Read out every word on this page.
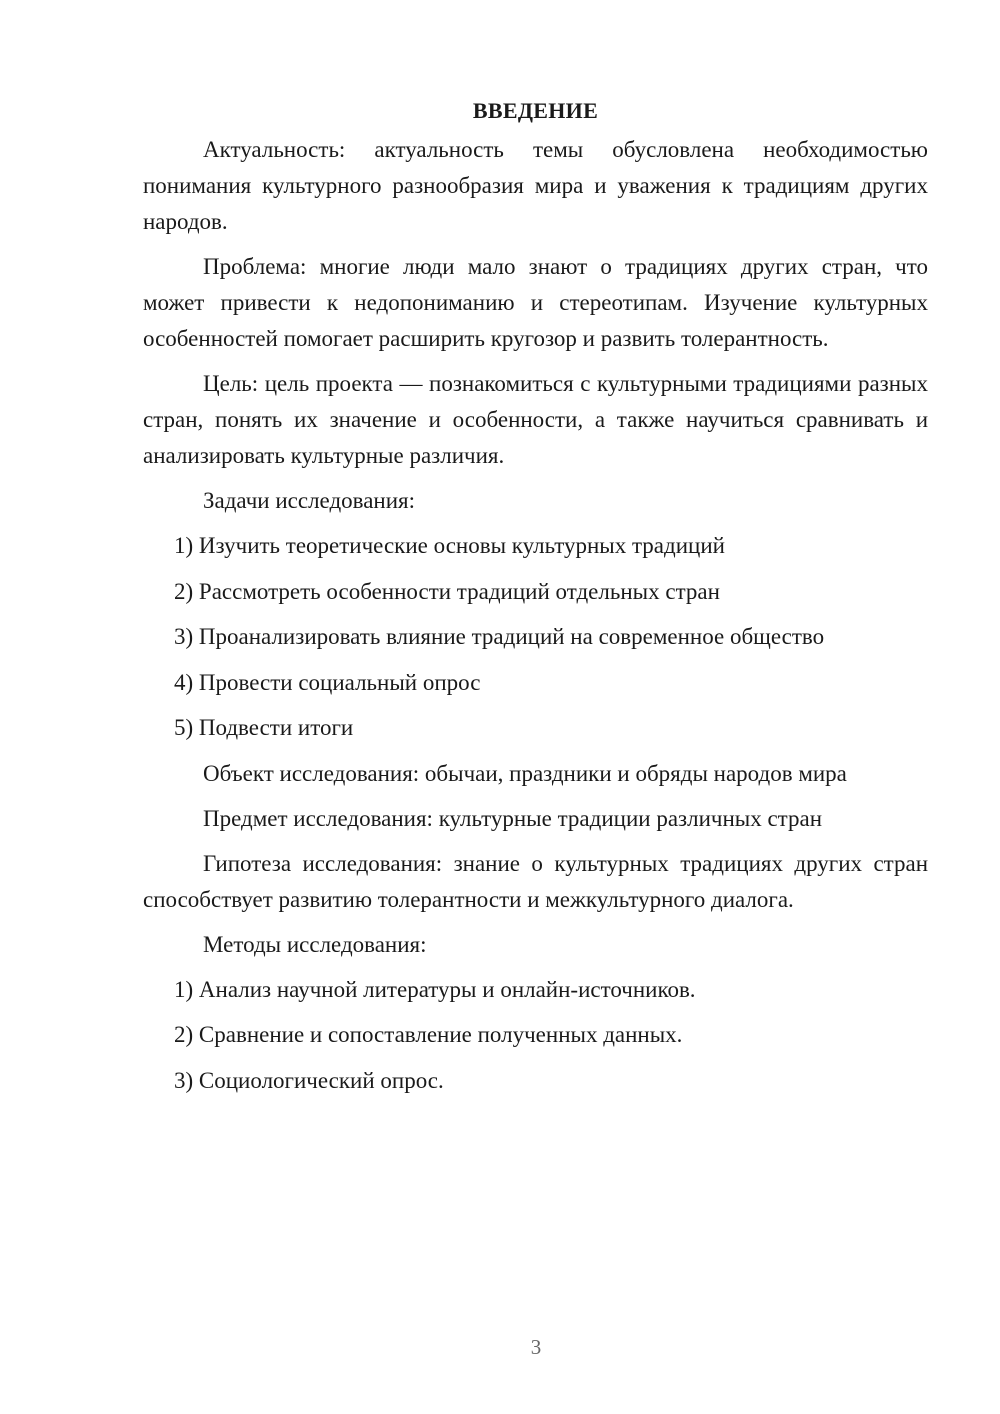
ВВЕДЕНИЕ

Актуальность: актуальность темы обусловлена необходимостью понимания культурного разнообразия мира и уважения к традициям других народов.

Проблема: многие люди мало знают о традициях других стран, что может привести к недопониманию и стереотипам. Изучение культурных особенностей помогает расширить кругозор и развить толерантность.

Цель: цель проекта — познакомиться с культурными традициями разных стран, понять их значение и особенности, а также научиться сравнивать и анализировать культурные различия.

Задачи исследования:

1) Изучить теоретические основы культурных традиций
2) Рассмотреть особенности традиций отдельных стран
3) Проанализировать влияние традиций на современное общество
4) Провести социальный опрос
5) Подвести итоги

Объект исследования: обычаи, праздники и обряды народов мира

Предмет исследования: культурные традиции различных стран

Гипотеза исследования: знание о культурных традициях других стран способствует развитию толерантности и межкультурного диалога.

Методы исследования:

1) Анализ научной литературы и онлайн-источников.
2) Сравнение и сопоставление полученных данных.
3) Социологический опрос.
3
